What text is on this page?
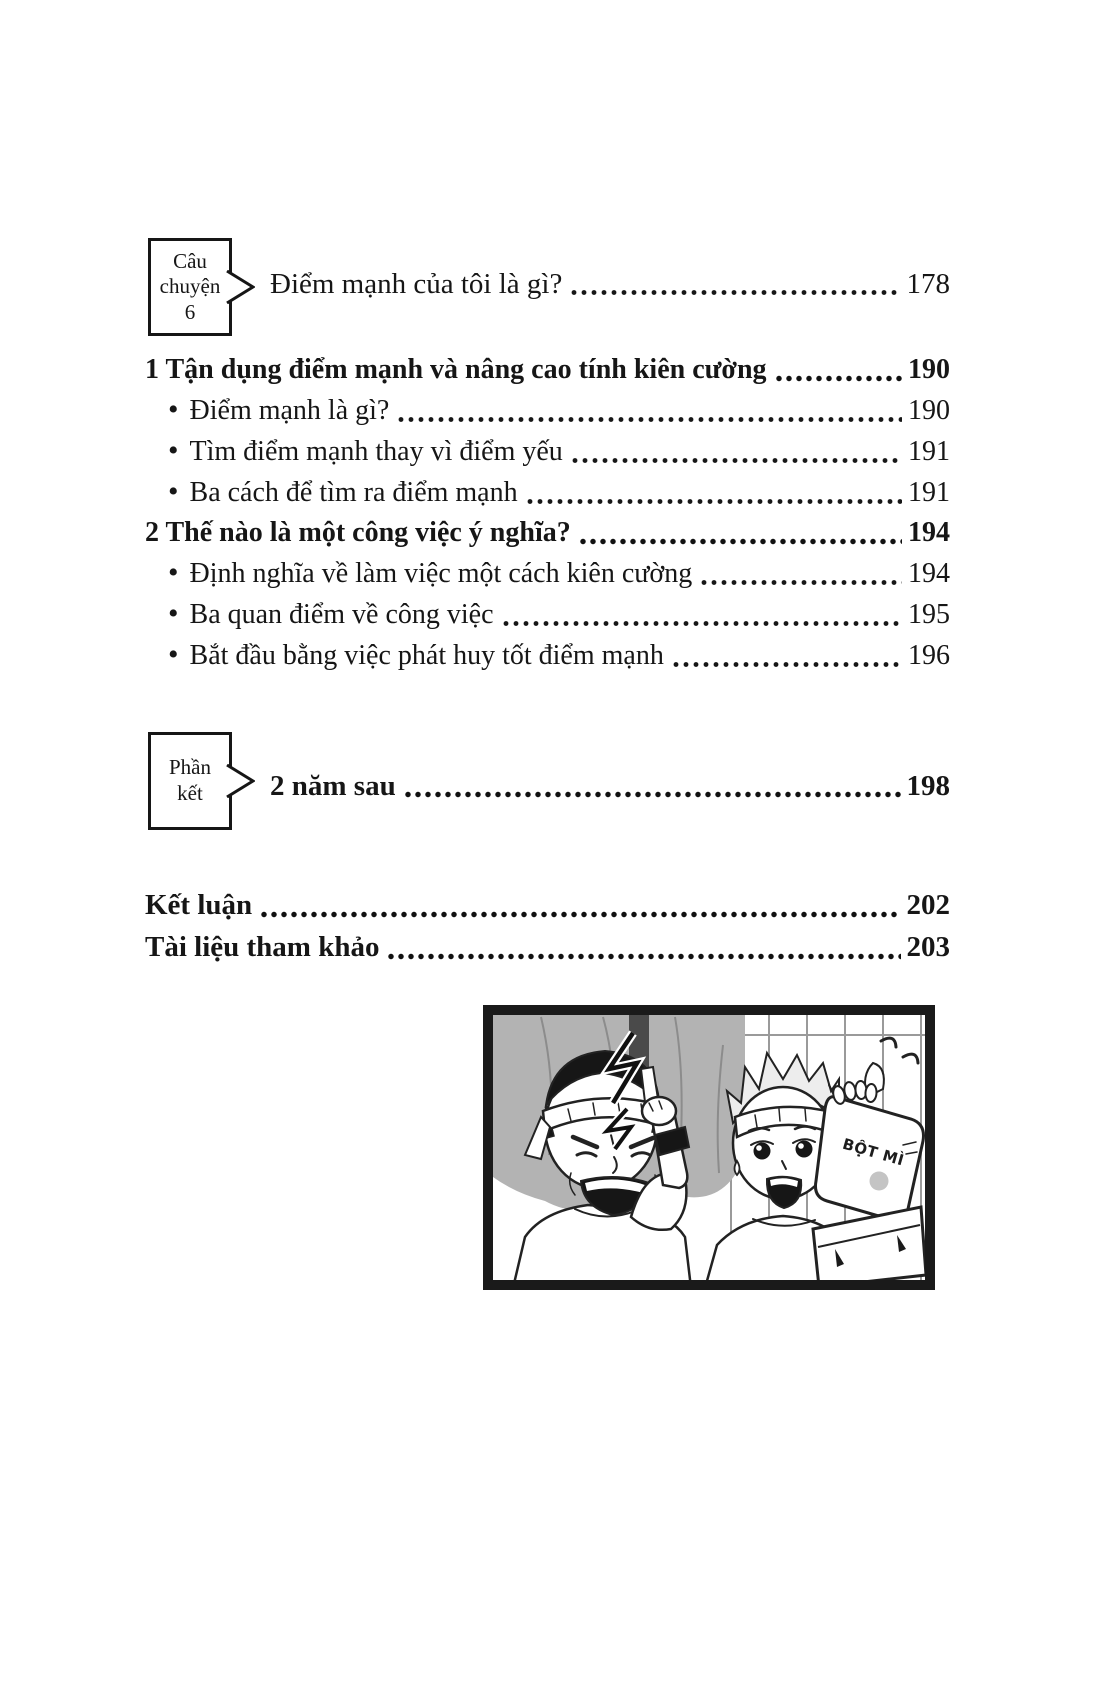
Câu
chuyện
6
Điểm mạnh của tôi là gì?	178
1 Tận dụng điểm mạnh và nâng cao tính kiên cường	190
• Điểm mạnh là gì?	190
• Tìm điểm mạnh thay vì điểm yếu	191
• Ba cách để tìm ra điểm mạnh	191
2 Thế nào là một công việc ý nghĩa?	194
• Định nghĩa về làm việc một cách kiên cường	194
• Ba quan điểm về công việc	195
• Bắt đầu bằng việc phát huy tốt điểm mạnh	196
Phần
kết 2 năm sau	198
Kết luận	202
Tài liệu tham khảo	203
BỘT MÌ
